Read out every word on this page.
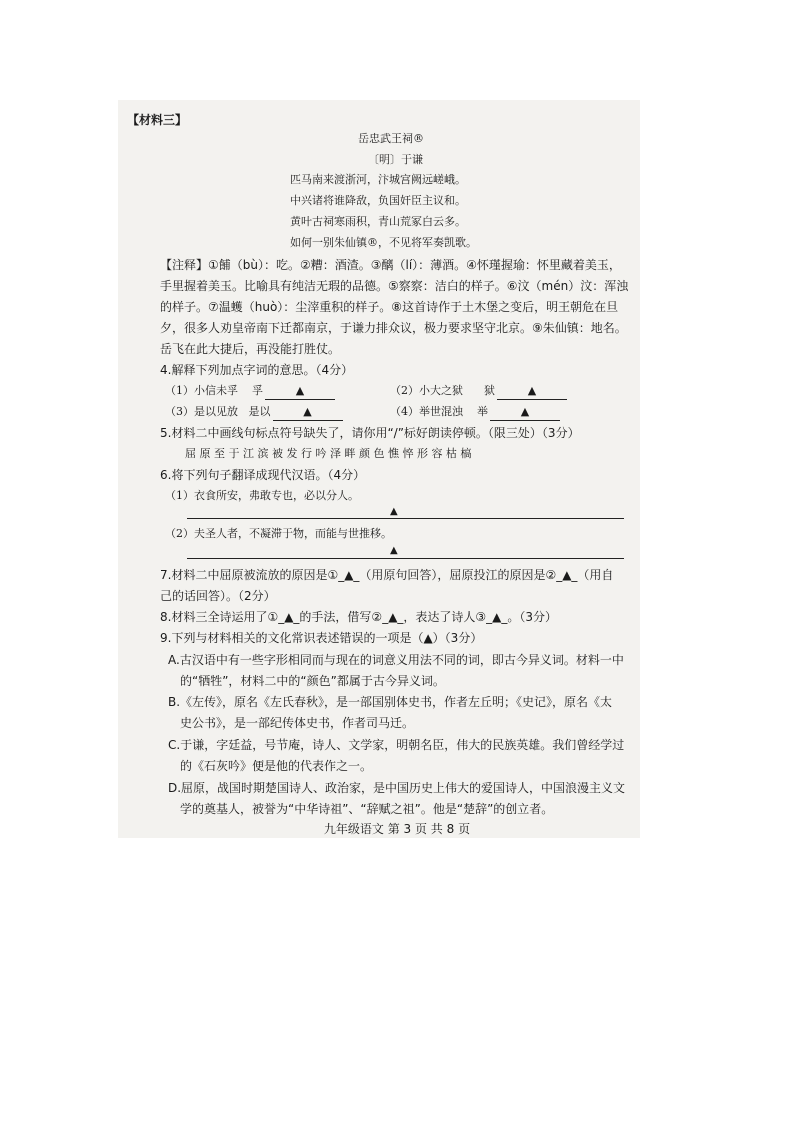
【材料三】
岳忠武王祠®
〔明〕于谦
匹马南来渡浙河，汴城宫阙远嵯峨。
中兴诸将谁降敌，负国奸臣主议和。
黄叶古祠寒雨积，青山荒冢白云多。
如何一别朱仙镇®，不见将军奏凯歌。
【注释】①餔（bù）：吃。②糟：酒渣。③醨（lí）：薄酒。④怀瑾握瑜：怀里藏着美玉，
手里握着美玉。比喻具有纯洁无瑕的品德。⑤察察：洁白的样子。⑥汶（mén）汶：浑浊
的样子。⑦温蠖（huò）：尘滓重积的样子。⑧这首诗作于土木堡之变后，明王朝危在旦
夕，很多人劝皇帝南下迁都南京，于谦力排众议，极力要求坚守北京。⑨朱仙镇：地名。
岳飞在此大捷后，再没能打胜仗。
4.解释下列加点字词的意思。（4分）
（1）小信未孚 孚	▲	（2）小大之狱 狱	▲
（3）是以见放 是以	▲	（4）举世混浊 举	▲
5.材料二中画线句标点符号缺失了，请你用“/”标好朗读停顿。（限三处）（3分）
屈 原 至 于 江 滨 被 发 行 吟 泽 畔 颜 色 憔 悴 形 容 枯 槁
6.将下列句子翻译成现代汉语。（4分）
（1）衣食所安，弗敢专也，必以分人。
▲
（2）夫圣人者，不凝滞于物，而能与世推移。
▲
7.材料二中屈原被流放的原因是①_▲_（用原句回答），屈原投江的原因是②_▲_（用自
己的话回答）。（2分）
8.材料三全诗运用了①_▲_的手法，借写②_▲_，表达了诗人③_▲_。（3分）
9.下列与材料相关的文化常识表述错误的一项是（▲）（3分）
A.古汉语中有一些字形相同而与现在的词意义用法不同的词，即古今异义词。材料一中
的“牺牲”，材料二中的“颜色”都属于古今异义词。
B.《左传》，原名《左氏春秋》，是一部国别体史书，作者左丘明；《史记》，原名《太
史公书》，是一部纪传体史书，作者司马迁。
C.于谦，字廷益，号节庵，诗人、文学家，明朝名臣，伟大的民族英雄。我们曾经学过
的《石灰吟》便是他的代表作之一。
D.屈原，战国时期楚国诗人、政治家，是中国历史上伟大的爱国诗人，中国浪漫主义文
学的奠基人，被誉为“中华诗祖”、“辞赋之祖”。他是“楚辞”的创立者。
九年级语文 第 3 页 共 8 页
